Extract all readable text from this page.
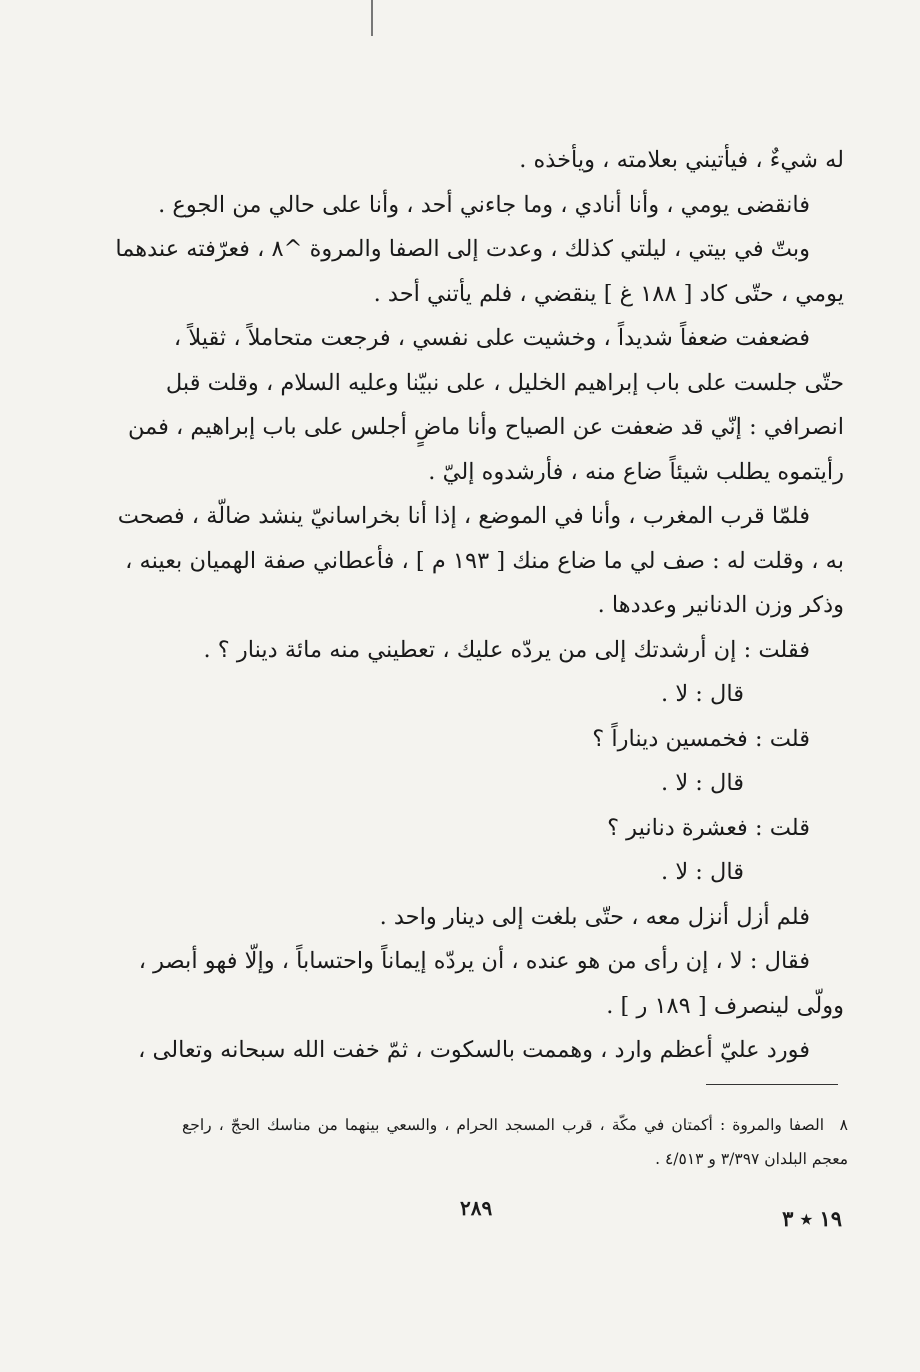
له شيءٌ ، فيأتيني بعلامته ، ويأخذه .
فانقضى يومي ، وأنا أنادي ، وما جاءني أحد ، وأنا على حالي من الجوع .
وبتّ في بيتي ، ليلتي كذلك ، وعدت إلى الصفا والمروة ^٨ ، فعرّفته عندهما
يومي ، حتّى كاد [ ١٨٨ غ ] ينقضي ، فلم يأتني أحد .
فضعفت ضعفاً شديداً ، وخشيت على نفسي ، فرجعت متحاملاً ، ثقيلاً ،
حتّى جلست على باب إبراهيم الخليل ، على نبيّنا وعليه السلام ، وقلت قبل
انصرافي : إنّي قد ضعفت عن الصياح وأنا ماضٍ أجلس على باب إبراهيم ، فمن
رأيتموه يطلب شيئاً ضاع منه ، فأرشدوه إليّ .
فلمّا قرب المغرب ، وأنا في الموضع ، إذا أنا بخراسانيّ ينشد ضالّة ، فصحت
به ، وقلت له : صف لي ما ضاع منك [ ١٩٣ م ] ، فأعطاني صفة الهميان بعينه ،
وذكر وزن الدنانير وعددها .
فقلت : إن أرشدتك إلى من يردّه عليك ، تعطيني منه مائة دينار ؟ .
قال : لا .
قلت : فخمسين ديناراً ؟
قال : لا .
قلت : فعشرة دنانير ؟
قال : لا .
فلم أزل أنزل معه ، حتّى بلغت إلى دينار واحد .
فقال : لا ، إن رأى من هو عنده ، أن يردّه إيماناً واحتساباً ، وإلّا فهو أبصر ،
وولّى لينصرف [ ١٨٩ ر ] .
فورد عليّ أعظم وارد ، وهممت بالسكوت ، ثمّ خفت الله سبحانه وتعالى ،
٨الصفا والمروة : أكمتان في مكّة ، قرب المسجد الحرام ، والسعي بينهما من مناسك الحجّ ، راجع
معجم البلدان ٣/٣٩٧ و ٤/٥١٣ .
٢٨٩	١٩ ٭ ٣
